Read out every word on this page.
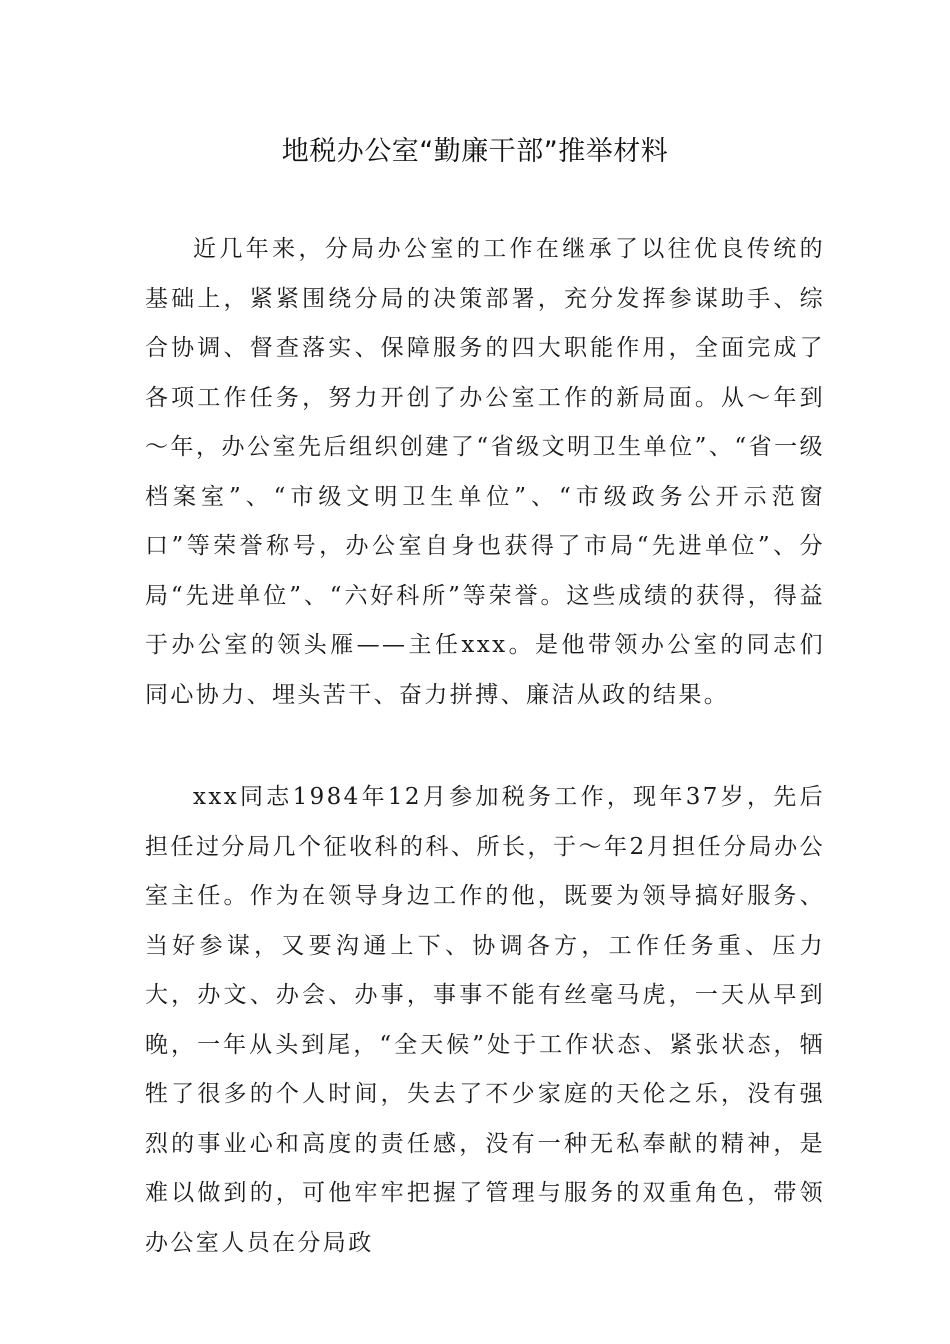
地税办公室“勤廉干部”推举材料

近几年来，分局办公室的工作在继承了以往优良传统的基础上，紧紧围绕分局的决策部署，充分发挥参谋助手、综合协调、督查落实、保障服务的四大职能作用，全面完成了各项工作任务，努力开创了办公室工作的新局面。从～年到～年，办公室先后组织创建了“省级文明卫生单位”、“省一级档案室”、“市级文明卫生单位”、“市级政务公开示范窗口”等荣誉称号，办公室自身也获得了市局“先进单位”、分局“先进单位”、“六好科所”等荣誉。这些成绩的获得，得益于办公室的领头雁——主任xxx。是他带领办公室的同志们同心协力、埋头苦干、奋力拼搏、廉洁从政的结果。

xxx同志1984年12月参加税务工作，现年37岁，先后担任过分局几个征收科的科、所长，于～年2月担任分局办公室主任。作为在领导身边工作的他，既要为领导搞好服务、当好参谋，又要沟通上下、协调各方，工作任务重、压力大，办文、办会、办事，事事不能有丝毫马虎，一天从早到晚，一年从头到尾，“全天候”处于工作状态、紧张状态，牺牲了很多的个人时间，失去了不少家庭的天伦之乐，没有强烈的事业心和高度的责任感，没有一种无私奉献的精神，是难以做到的，可他牢牢把握了管理与服务的双重角色，带领办公室人员在分局政
